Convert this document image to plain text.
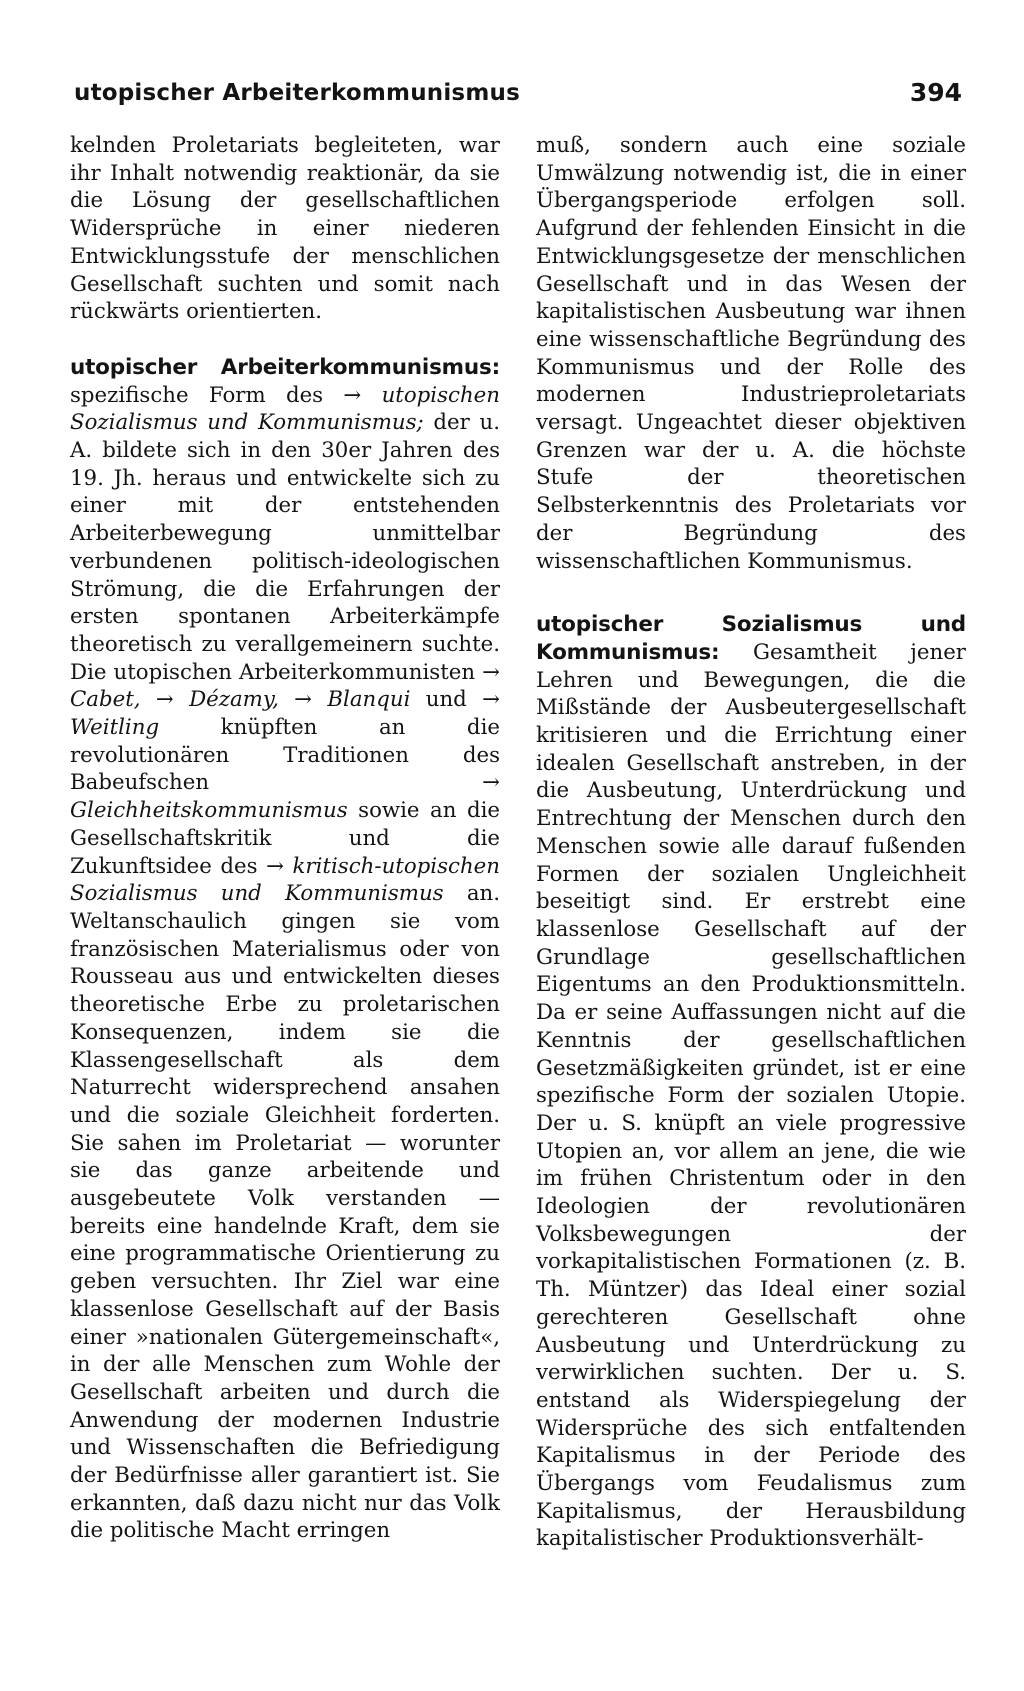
utopischer Arbeiterkommunismus	394

kelnden Proletariats begleiteten, war ihr Inhalt notwendig reaktionär, da sie die Lösung der gesellschaftlichen Widersprüche in einer niederen Entwicklungsstufe der menschlichen Gesellschaft suchten und somit nach rückwärts orientierten.

utopischer Arbeiterkommunismus: spezifische Form des → utopischen Sozialismus und Kommunismus; der u. A. bildete sich in den 30er Jahren des 19. Jh. heraus und entwickelte sich zu einer mit der entstehenden Arbeiterbewegung unmittelbar verbundenen politisch-ideologischen Strömung, die die Erfahrungen der ersten spontanen Arbeiterkämpfe theoretisch zu verallgemeinern suchte. Die utopischen Arbeiterkommunisten → Cabet, → Dézamy, → Blanqui und → Weitling knüpften an die revolutionären Traditionen des Babeufschen → Gleichheitskommunismus sowie an die Gesellschaftskritik und die Zukunftsidee des → kritisch-utopischen Sozialismus und Kommunismus an. Weltanschaulich gingen sie vom französischen Materialismus oder von Rousseau aus und entwickelten dieses theoretische Erbe zu proletarischen Konsequenzen, indem sie die Klassengesellschaft als dem Naturrecht widersprechend ansahen und die soziale Gleichheit forderten. Sie sahen im Proletariat — worunter sie das ganze arbeitende und ausgebeutete Volk verstanden — bereits eine handelnde Kraft, dem sie eine programmatische Orientierung zu geben versuchten. Ihr Ziel war eine klassenlose Gesellschaft auf der Basis einer »nationalen Gütergemeinschaft«, in der alle Menschen zum Wohle der Gesellschaft arbeiten und durch die Anwendung der modernen Industrie und Wissenschaften die Befriedigung der Bedürfnisse aller garantiert ist. Sie erkannten, daß dazu nicht nur das Volk die politische Macht erringen

muß, sondern auch eine soziale Umwälzung notwendig ist, die in einer Übergangsperiode erfolgen soll. Aufgrund der fehlenden Einsicht in die Entwicklungsgesetze der menschlichen Gesellschaft und in das Wesen der kapitalistischen Ausbeutung war ihnen eine wissenschaftliche Begründung des Kommunismus und der Rolle des modernen Industrieproletariats versagt. Ungeachtet dieser objektiven Grenzen war der u. A. die höchste Stufe der theoretischen Selbsterkenntnis des Proletariats vor der Begründung des wissenschaftlichen Kommunismus.

utopischer Sozialismus und Kommunismus: Gesamtheit jener Lehren und Bewegungen, die die Mißstände der Ausbeutergesellschaft kritisieren und die Errichtung einer idealen Gesellschaft anstreben, in der die Ausbeutung, Unterdrückung und Entrechtung der Menschen durch den Menschen sowie alle darauf fußenden Formen der sozialen Ungleichheit beseitigt sind. Er erstrebt eine klassenlose Gesellschaft auf der Grundlage gesellschaftlichen Eigentums an den Produktionsmitteln. Da er seine Auffassungen nicht auf die Kenntnis der gesellschaftlichen Gesetzmäßigkeiten gründet, ist er eine spezifische Form der sozialen Utopie. Der u. S. knüpft an viele progressive Utopien an, vor allem an jene, die wie im frühen Christentum oder in den Ideologien der revolutionären Volksbewegungen der vorkapitalistischen Formationen (z. B. Th. Müntzer) das Ideal einer sozial gerechteren Gesellschaft ohne Ausbeutung und Unterdrückung zu verwirklichen suchten. Der u. S. entstand als Widerspiegelung der Widersprüche des sich entfaltenden Kapitalismus in der Periode des Übergangs vom Feudalismus zum Kapitalismus, der Herausbildung kapitalistischer Produktionsverhält-
